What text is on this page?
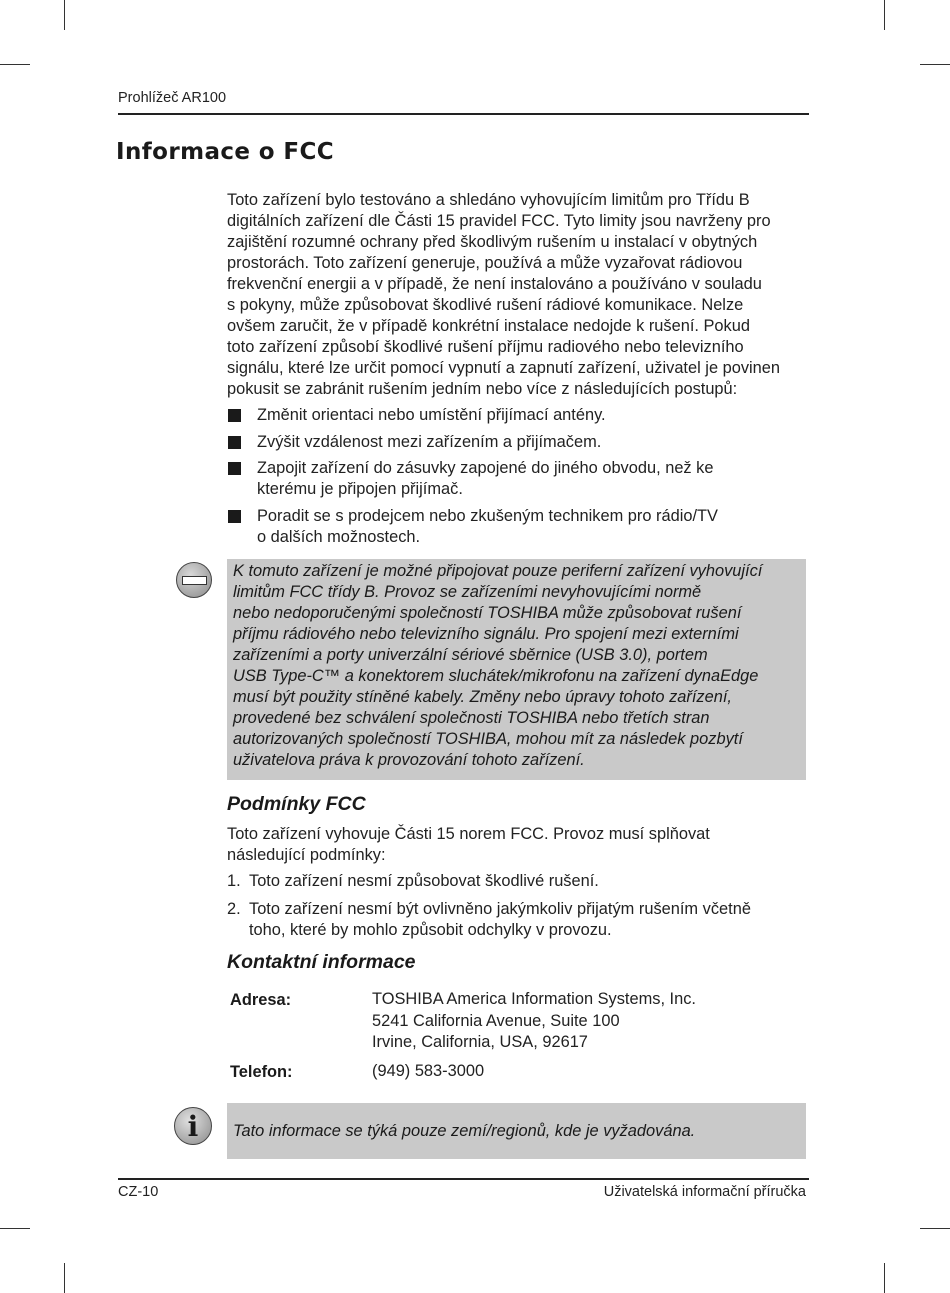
Prohlížeč AR100
Informace o FCC

Toto zařízení bylo testováno a shledáno vyhovujícím limitům pro Třídu B
digitálních zařízení dle Části 15 pravidel FCC. Tyto limity jsou navrženy pro
zajištění rozumné ochrany před škodlivým rušením u instalací v obytných
prostorách. Toto zařízení generuje, používá a může vyzařovat rádiovou
frekvenční energii a v případě, že není instalováno a používáno v souladu
s pokyny, může způsobovat škodlivé rušení rádiové komunikace. Nelze
ovšem zaručit, že v případě konkrétní instalace nedojde k rušení. Pokud
toto zařízení způsobí škodlivé rušení příjmu radiového nebo televizního
signálu, které lze určit pomocí vypnutí a zapnutí zařízení, uživatel je povinen
pokusit se zabránit rušením jedním nebo více z následujících postupů:

Změnit orientaci nebo umístění přijímací antény.
Zvýšit vzdálenost mezi zařízením a přijímačem.
Zapojit zařízení do zásuvky zapojené do jiného obvodu, než ke
kterému je připojen přijímač.
Poradit se s prodejcem nebo zkušeným technikem pro rádio/TV
o dalších možnostech.
K tomuto zařízení je možné připojovat pouze periferní zařízení vyhovující
limitům FCC třídy B. Provoz se zařízeními nevyhovujícími normě
nebo nedoporučenými společností TOSHIBA může způsobovat rušení
příjmu rádiového nebo televizního signálu. Pro spojení mezi externími
zařízeními a porty univerzální sériové sběrnice (USB 3.0), portem
USB Type-C™ a konektorem sluchátek/mikrofonu na zařízení dynaEdge
musí být použity stíněné kabely. Změny nebo úpravy tohoto zařízení,
provedené bez schválení společnosti TOSHIBA nebo třetích stran
autorizovaných společností TOSHIBA, mohou mít za následek pozbytí
uživatelova práva k provozování tohoto zařízení.
Podmínky FCC

Toto zařízení vyhovuje Části 15 norem FCC. Provoz musí splňovat
následující podmínky:

1. Toto zařízení nesmí způsobovat škodlivé rušení.
2. Toto zařízení nesmí být ovlivněno jakýmkoliv přijatým rušením včetně
toho, které by mohlo způsobit odchylky v provozu.
Kontaktní informace
Adresa:	TOSHIBA America Information Systems, Inc.
5241 California Avenue, Suite 100
Irvine, California, USA, 92617
Telefon:	(949) 583-3000
i	Tato informace se týká pouze zemí/regionů, kde je vyžadována.
CZ-10	Uživatelská informační příručka
